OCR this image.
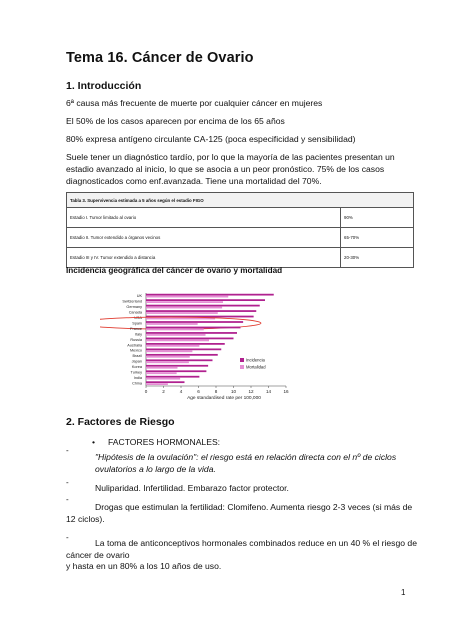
Tema 16. Cáncer de Ovario
1. Introducción

6ª causa más frecuente de muerte por cualquier cáncer en mujeres

El 50% de los casos aparecen por encima de los 65 años

80% expresa antígeno circulante CA-125 (poca especificidad y sensibilidad)

Suele tener un diagnóstico tardío, por lo que la mayoría de las pacientes presentan un estadio avanzado al inicio, lo que se asocia a un peor pronóstico. 75% de los casos diagnosticados como enf.avanzada. Tiene una mortalidad del 70%.

Tabla 3. Supervivencia estimada a 5 años según el estadio FIGO	
Estadio I. Tumor limitado al ovario	90%
Estadio II. Tumor extendido a órganos vecinos	65-70%
Estadio III y IV. Tumor extendido a distancia	20-30%
Incidencia geográfica del cáncer de ovario y mortalidad
UK
Switzerland
Germany
Canada
USA
Spain
France
Italy
Russia
Australia
Mexico
Brazil
Japan
Korea
Turkey
India
China
0	2	4	6	8	10	12	14	16
Age standardised rate per 100,000
Incidencia
Mortalidad
2. Factores de Riesgo
• FACTORES HORMONALES:
-

"Hipótesis de la ovulación": el riesgo está en relación directa con el nº de ciclos ovulatorios a lo largo de la vida.

-

Nuliparidad. Infertilidad. Embarazo factor protector.

-

Drogas que estimulan la fertilidad: Clomifeno. Aumenta riesgo 2-3 veces (si más de 12 ciclos).

-

La toma de anticonceptivos hormonales combinados reduce en un 40 % el riesgo de cáncer de ovario

y hasta en un 80% a los 10 años de uso.

1
